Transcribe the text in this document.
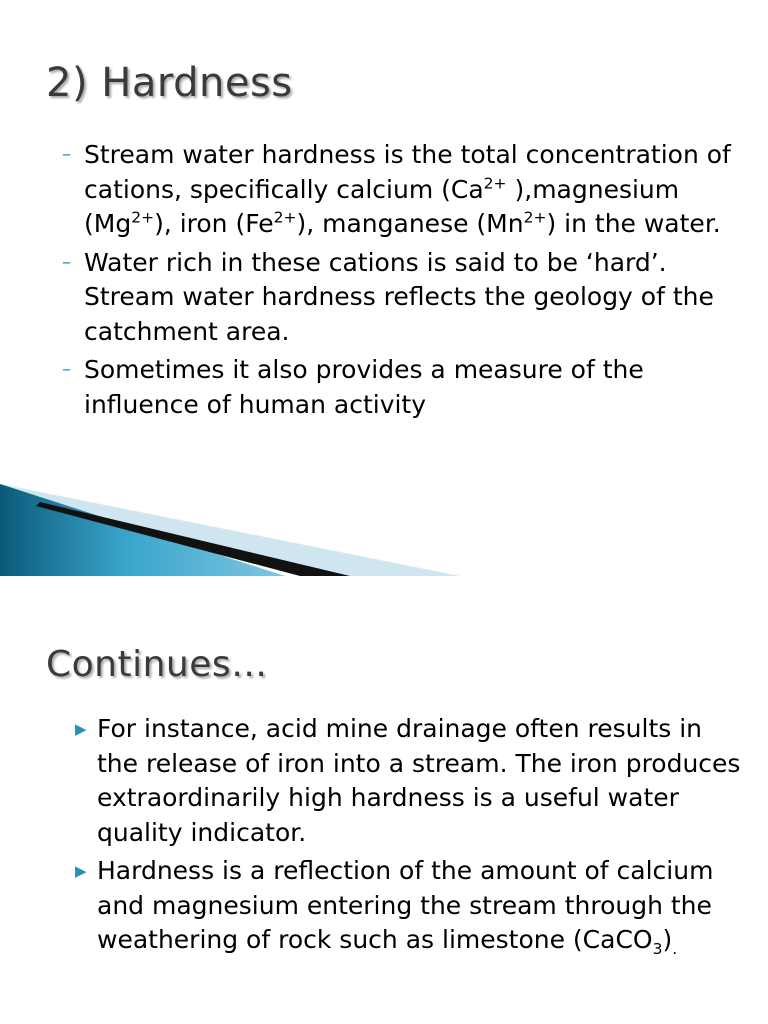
2) Hardness
– Stream water hardness is the total concentration of cations, specifically calcium ($Ca^{2+}$ ),magnesium $(Mg^{2+})$, iron $(Fe^{2+})$, manganese $(Mn^{2+})$ in the water.
– Water rich in these cations is said to be ‘hard’. Stream water hardness reflects the geology of the catchment area.
– Sometimes it also provides a measure of the influence of human activity
Continues…
▶ For instance, acid mine drainage often results in the release of iron into a stream. The iron produces extraordinarily high hardness is a useful water quality indicator.
▶ Hardness is a reflection of the amount of calcium and magnesium entering the stream through the weathering of rock such as limestone $(CaCO_3)_.$
